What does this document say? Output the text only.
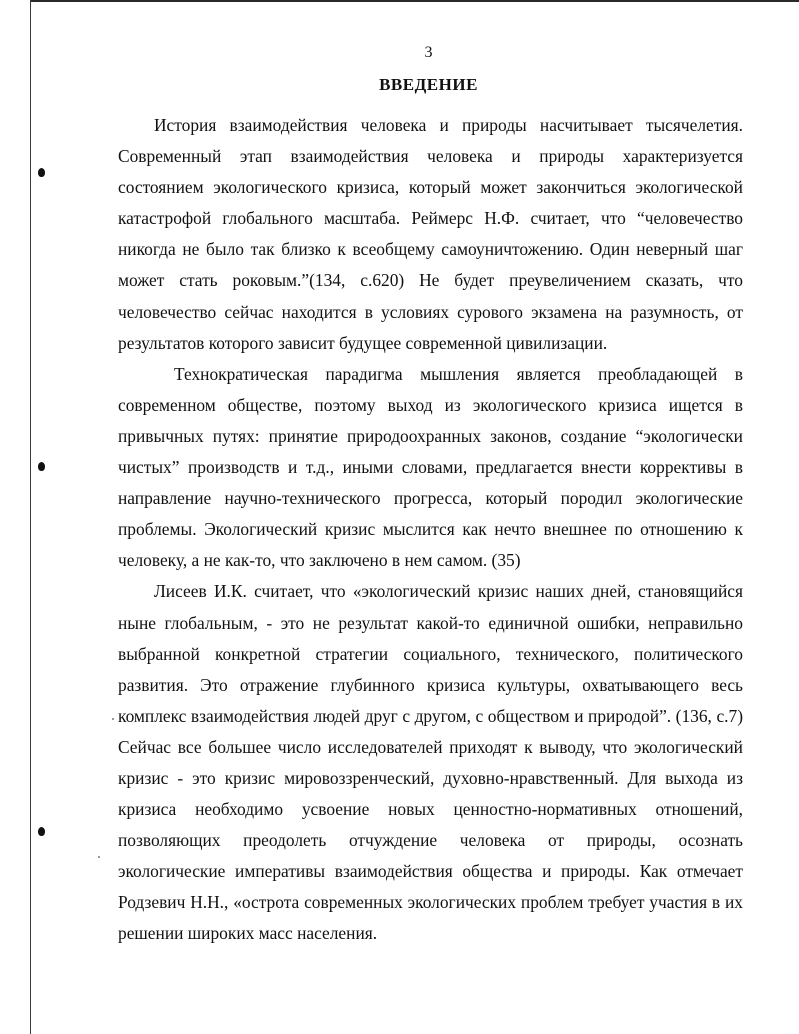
3
ВВЕДЕНИЕ

История взаимодействия человека и природы насчитывает тысячелетия. Современный этап взаимодействия человека и природы характеризуется состоянием экологического кризиса, который может закончиться экологической катастрофой глобального масштаба. Реймерс Н.Ф. считает, что “человечество никогда не было так близко к всеобщему самоуничтожению. Один неверный шаг может стать роковым.”(134, с.620) Не будет преувеличением сказать, что человечество сейчас находится в условиях сурового экзамена на разумность, от результатов которого зависит будущее современной цивилизации.

Технократическая парадигма мышления является преобладающей в современном обществе, поэтому выход из экологического кризиса ищется в привычных путях: принятие природоохранных законов, создание “экологически чистых” производств и т.д., иными словами, предлагается внести коррективы в направление научно-технического прогресса, который породил экологические проблемы. Экологический кризис мыслится как нечто внешнее по отношению к человеку, а не как-то, что заключено в нем самом. (35)

Лисеев И.К. считает, что «экологический кризис наших дней, становящийся ныне глобальным, - это не результат какой-то единичной ошибки, неправильно выбранной конкретной стратегии социального, технического, политического развития. Это отражение глубинного кризиса культуры, охватывающего весь комплекс взаимодействия людей друг с другом, с обществом и природой”. (136, с.7) Сейчас все большее число исследователей приходят к выводу, что экологический кризис - это кризис мировоззренческий, духовно-нравственный. Для выхода из кризиса необходимо усвоение новых ценностно-нормативных отношений, позволяющих преодолеть отчуждение человека от природы, осознать экологические императивы взаимодействия общества и природы. Как отмечает Родзевич Н.Н., «острота современных экологических проблем требует участия в их решении широких масс населения.
